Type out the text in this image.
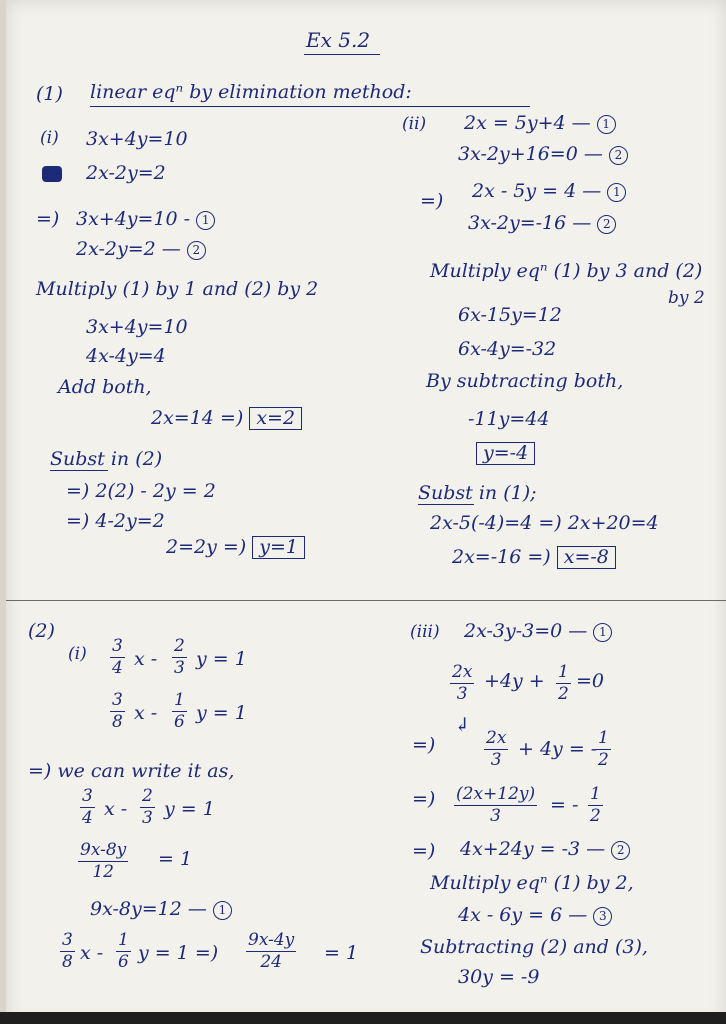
Ex 5.2
(1) linear eqⁿ by elimination method:
(i) 3x+4y=10
2x-2y=2
=) 3x+4y=10 - 1
2x-2y=2 — 2
Multiply (1) by 1 and (2) by 2
3x+4y=10
4x-4y=4
Add both,
2x=14 =) x=2
Subst in (2)
=) 2(2) - 2y = 2
=) 4-2y=2
2=2y =) y=1
(ii) 2x = 5y+4 — 1
3x-2y+16=0 — 2
=) 2x - 5y = 4 — 1
3x-2y=-16 — 2
Multiply eqⁿ (1) by 3 and (2)
by 2
6x-15y=12
6x-4y=-32
By subtracting both,
-11y=44
y=-4
Subst in (1);
2x-5(-4)=4 =) 2x+20=4
2x=-16 =) x=-8
(2)
$(i) \frac{3}{4}$ x - $\frac{2}{3}$ y = 1
$\frac{3}{8}$ x - $\frac{1}{6}$ y = 1
=) we can write it as,
$\frac{3}{4}$ x - $\frac{2}{3}$ y = 1
$\frac{9x-8y}{12} = 1$
9x-8y=12 — 1
$\frac{3}{8}$ x - $\frac{1}{6}$ y = 1 =) $\frac{9x-4y}{24} = 1$
(iii) 2x-3y-3=0 — 1
$\frac{2x}{3} +4y + \frac{1}{2} =0$
=)
↲
$\frac{2x}{3} + 4y$ = -
$\frac{1}{2}$
=) $\frac{(2x+12y)}{3}$ = - $\frac{1}{2}$
=) 4x+24y = -3 — 2
Multiply eqⁿ (1) by 2,
4x - 6y = 6 — 3
Subtracting (2) and (3),
30y = -9
